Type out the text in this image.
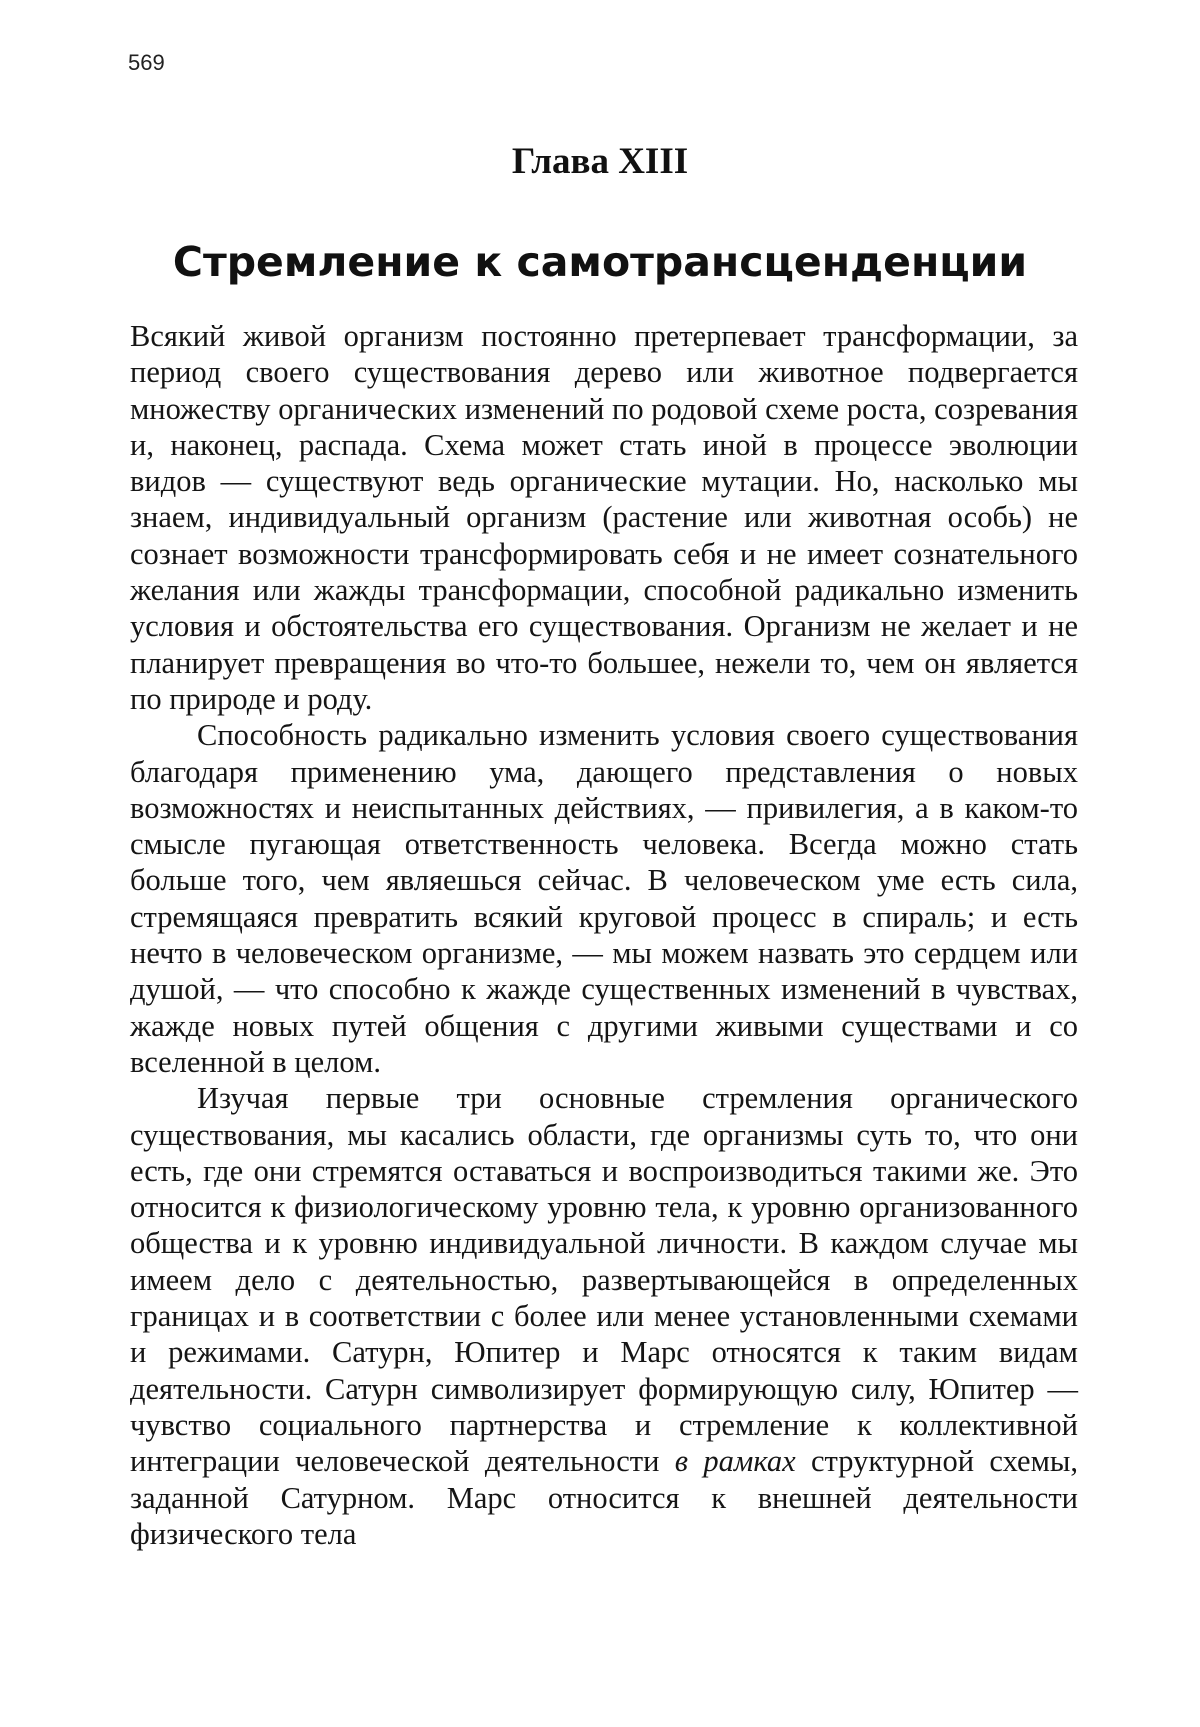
569
Глава XIII
Стремление к самотрансценденции

Всякий живой организм постоянно претерпевает трансформации, за период своего существования дерево или животное подвергается множеству органических изменений по родовой схеме роста, созревания и, наконец, распада. Схема может стать иной в процессе эволюции видов — существуют ведь органические мутации. Но, насколько мы знаем, индивидуальный организм (растение или животная особь) не сознает возможности трансформировать себя и не имеет сознательного желания или жажды трансформации, способной радикально изменить условия и обстоятельства его существования. Организм не желает и не планирует превращения во что-то большее, нежели то, чем он является по природе и роду.

Способность радикально изменить условия своего существования благодаря применению ума, дающего представления о новых возможностях и неиспытанных действиях, — привилегия, а в каком-то смысле пугающая ответственность человека. Всегда можно стать больше того, чем являешься сейчас. В человеческом уме есть сила, стремящаяся превратить всякий круговой процесс в спираль; и есть нечто в человеческом организме, — мы можем назвать это сердцем или душой, — что способно к жажде существенных изменений в чувствах, жажде новых путей общения с другими живыми существами и со вселенной в целом.

Изучая первые три основные стремления органического существования, мы касались области, где организмы суть то, что они есть, где они стремятся оставаться и воспроизводиться такими же. Это относится к физиологическому уровню тела, к уровню организованного общества и к уровню индивидуальной личности. В каждом случае мы имеем дело с деятельностью, развертывающейся в определенных границах и в соответствии с более или менее установленными схемами и режимами. Сатурн, Юпитер и Марс относятся к таким видам деятельности. Сатурн символизирует формирующую силу, Юпитер — чувство социального партнерства и стремление к коллективной интеграции человеческой деятельности в рамках структурной схемы, заданной Сатурном. Марс относится к внешней деятельности физического тела
